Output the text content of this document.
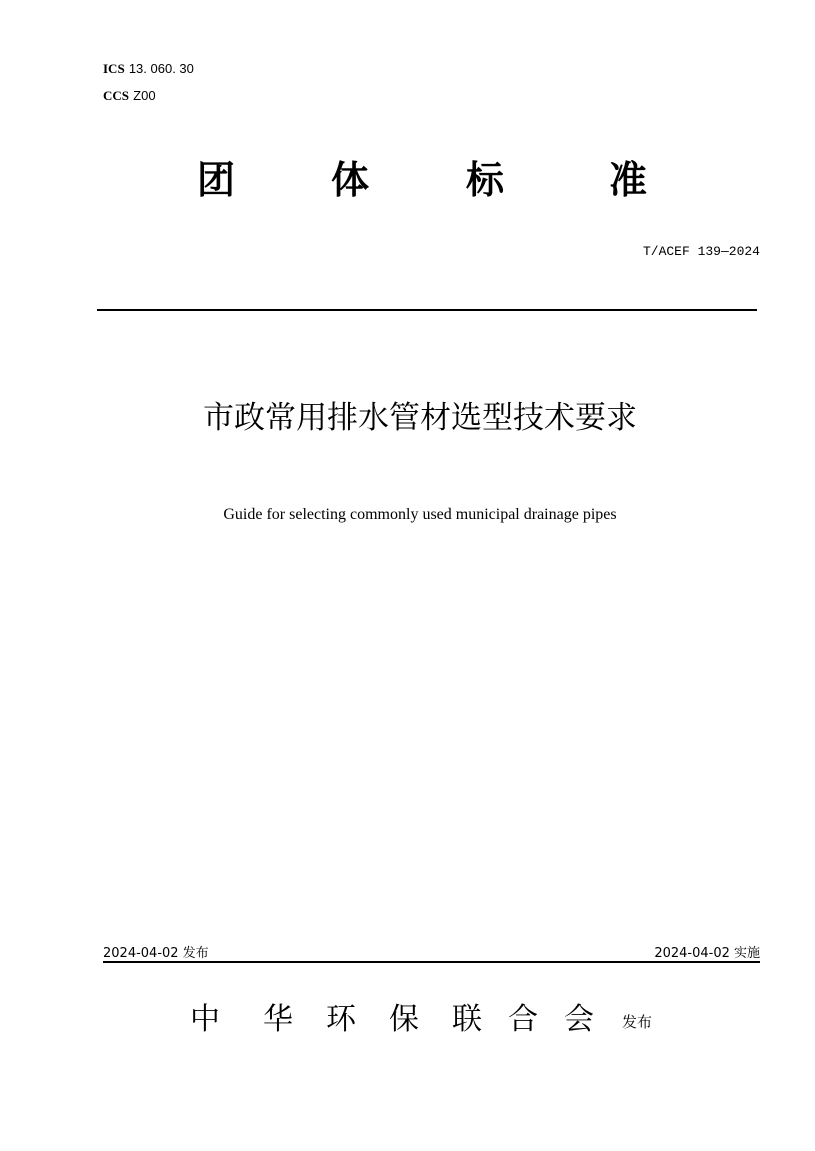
ICS 13. 060. 30
CCS Z00
团	体	标	准
T/ACEF 139—2024
市政常用排水管材选型技术要求
Guide for selecting commonly used municipal drainage pipes
2024-04-02 发布	2024-04-02 实施
中 华 环 保 联 合 会 发布
